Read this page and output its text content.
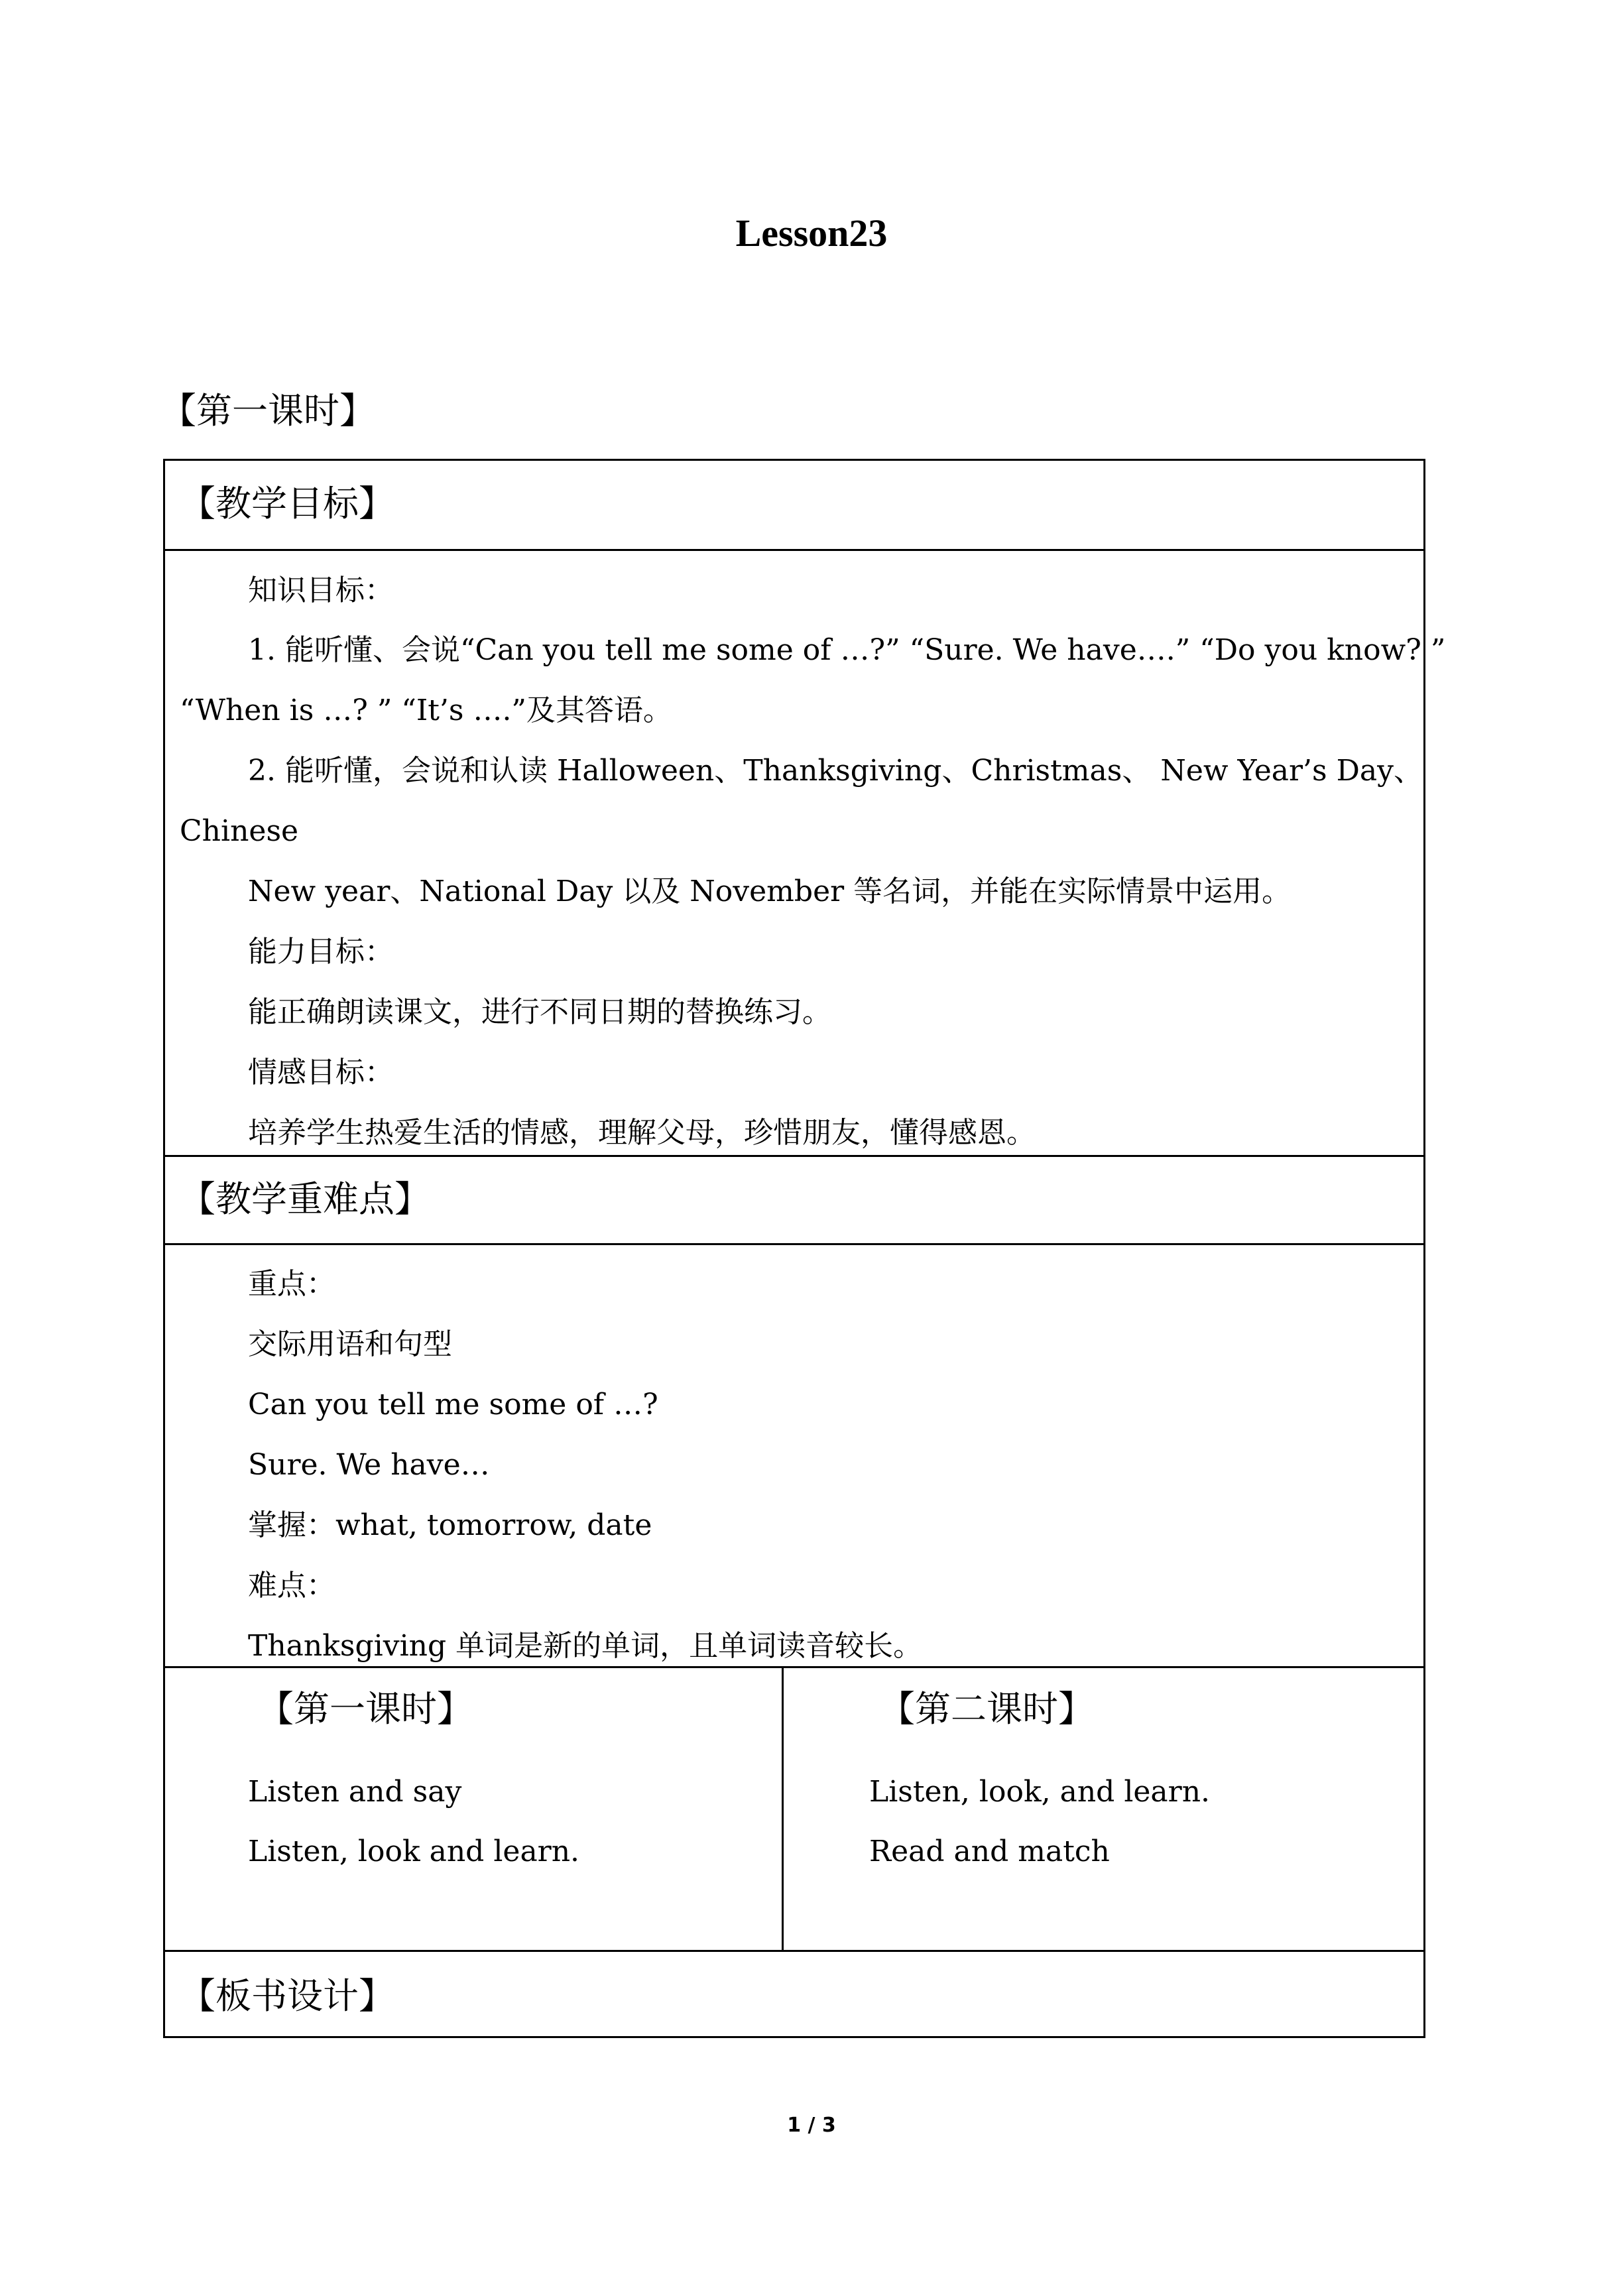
Lesson23
【第一课时】
【教学目标】
知识目标：
1. 能听懂、会说“Can you tell me some of …?” “Sure. We have….” “Do you know? ”
“When is …? ” “It’s ….”及其答语。
2. 能听懂，会说和认读 Halloween、Thanksgiving、Christmas、 New Year’s Day、
Chinese
New year、National Day 以及 November 等名词，并能在实际情景中运用。
能力目标：
能正确朗读课文，进行不同日期的替换练习。
情感目标：
培养学生热爱生活的情感，理解父母，珍惜朋友，懂得感恩。
【教学重难点】
重点：
交际用语和句型
Can you tell me some of …?
Sure. We have…
掌握：what, tomorrow, date
难点：
Thanksgiving 单词是新的单词，且单词读音较长。
【第一课时】
Listen and say
Listen, look and learn.
【第二课时】
Listen, look, and learn.
Read and match
【板书设计】
1 / 3
